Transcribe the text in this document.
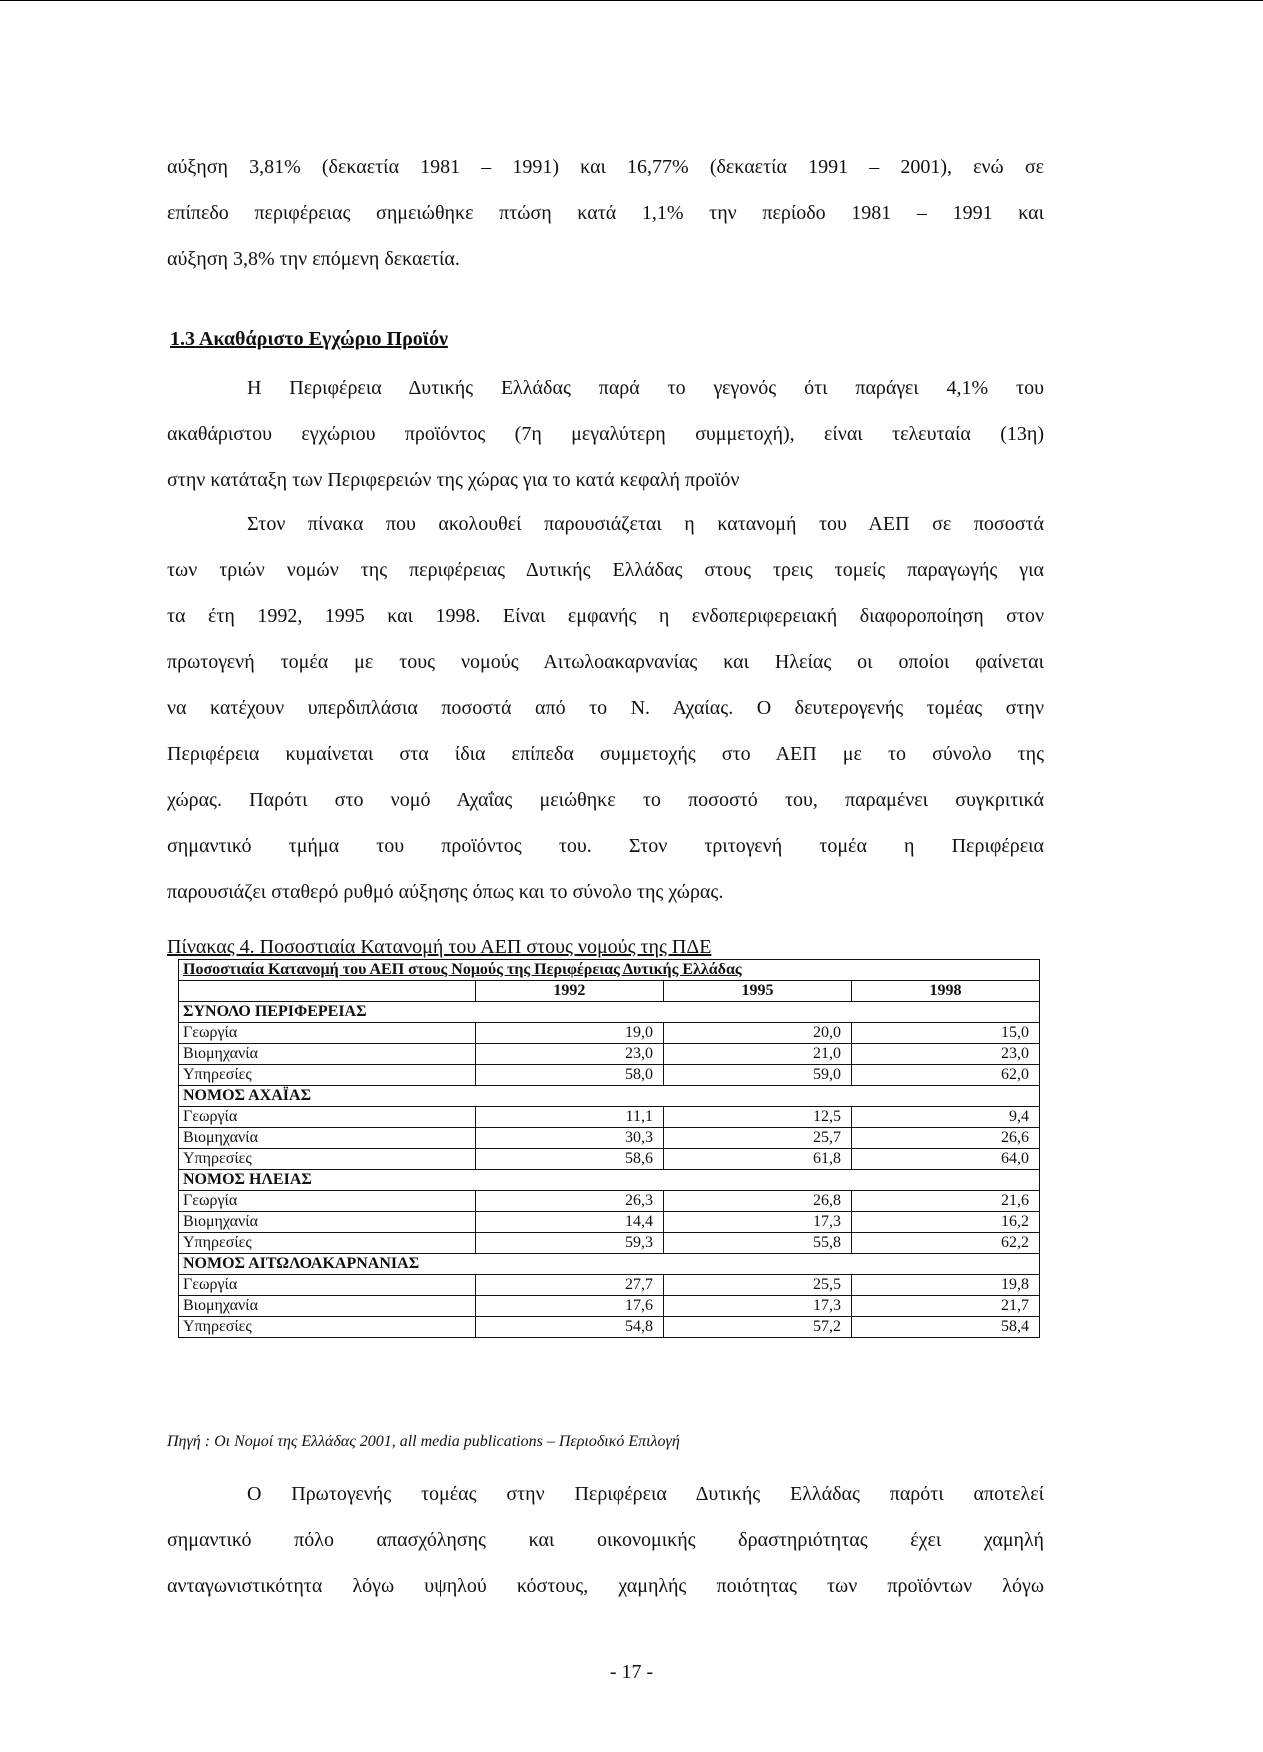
αύξηση 3,81% (δεκαετία 1981 – 1991) και 16,77% (δεκαετία 1991 – 2001), ενώ σε
επίπεδο περιφέρειας σημειώθηκε πτώση κατά 1,1% την περίοδο 1981 – 1991 και
αύξηση 3,8% την επόμενη δεκαετία.
1.3 Ακαθάριστο Εγχώριο Προϊόν
Η Περιφέρεια Δυτικής Ελλάδας παρά το γεγονός ότι παράγει 4,1% του
ακαθάριστου εγχώριου προϊόντος (7η μεγαλύτερη συμμετοχή), είναι τελευταία (13η)
στην κατάταξη των Περιφερειών της χώρας για το κατά κεφαλή προϊόν
Στον πίνακα που ακολουθεί παρουσιάζεται η κατανομή του ΑΕΠ σε ποσοστά
των τριών νομών της περιφέρειας Δυτικής Ελλάδας στους τρεις τομείς παραγωγής για
τα έτη 1992, 1995 και 1998. Είναι εμφανής η ενδοπεριφερειακή διαφοροποίηση στον
πρωτογενή τομέα με τους νομούς Αιτωλοακαρνανίας και Ηλείας οι οποίοι φαίνεται
να κατέχουν υπερδιπλάσια ποσοστά από το Ν. Αχαίας. Ο δευτερογενής τομέας στην
Περιφέρεια κυμαίνεται στα ίδια επίπεδα συμμετοχής στο ΑΕΠ με το σύνολο της
χώρας. Παρότι στο νομό Αχαΐας μειώθηκε το ποσοστό του, παραμένει συγκριτικά
σημαντικό τμήμα του προϊόντος του. Στον τριτογενή τομέα η Περιφέρεια
παρουσιάζει σταθερό ρυθμό αύξησης όπως και το σύνολο της χώρας.
Πίνακας 4. Ποσοστιαία Κατανομή του ΑΕΠ στους νομούς της ΠΔΕ
Ποσοστιαία Κατανομή του ΑΕΠ στους Νομούς της Περιφέρειας Δυτικής Ελλάδας			
	1992	1995	1998
ΣΥΝΟΛΟ ΠΕΡΙΦΕΡΕΙΑΣ			
Γεωργία	19,0	20,0	15,0
Βιομηχανία	23,0	21,0	23,0
Υπηρεσίες	58,0	59,0	62,0
ΝΟΜΟΣ ΑΧΑΪΑΣ			
Γεωργία	11,1	12,5	9,4
Βιομηχανία	30,3	25,7	26,6
Υπηρεσίες	58,6	61,8	64,0
ΝΟΜΟΣ ΗΛΕΙΑΣ			
Γεωργία	26,3	26,8	21,6
Βιομηχανία	14,4	17,3	16,2
Υπηρεσίες	59,3	55,8	62,2
ΝΟΜΟΣ ΑΙΤΩΛΟΑΚΑΡΝΑΝΙΑΣ			
Γεωργία	27,7	25,5	19,8
Βιομηχανία	17,6	17,3	21,7
Υπηρεσίες	54,8	57,2	58,4
Πηγή : Οι Νομοί της Ελλάδας 2001, all media publications – Περιοδικό Επιλογή
Ο Πρωτογενής τομέας στην Περιφέρεια Δυτικής Ελλάδας παρότι αποτελεί
σημαντικό πόλο απασχόλησης και οικονομικής δραστηριότητας έχει χαμηλή
ανταγωνιστικότητα λόγω υψηλού κόστους, χαμηλής ποιότητας των προϊόντων λόγω
- 17 -
